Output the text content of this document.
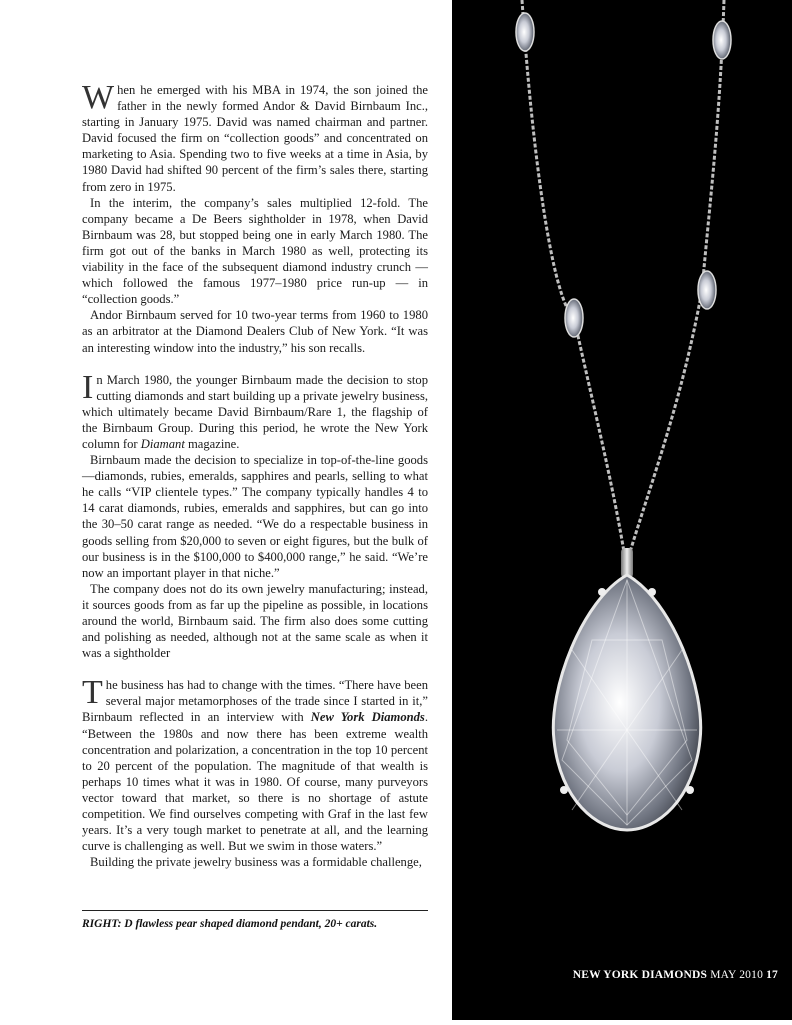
When he emerged with his MBA in 1974, the son joined the father in the newly formed Andor & David Birnbaum Inc., starting in January 1975. David was named chairman and partner. David focused the firm on “collection goods” and concentrated on marketing to Asia. Spending two to five weeks at a time in Asia, by 1980 David had shifted 90 percent of the firm’s sales there, starting from zero in 1975.

In the interim, the company’s sales multiplied 12-fold. The company became a De Beers sightholder in 1978, when David Birnbaum was 28, but stopped being one in early March 1980. The firm got out of the banks in March 1980 as well, protecting its viability in the face of the subsequent diamond industry crunch — which followed the famous 1977–1980 price run-up — in “collection goods.”

Andor Birnbaum served for 10 two-year terms from 1960 to 1980 as an arbitrator at the Diamond Dealers Club of New York. “It was an interesting window into the industry,” his son recalls.

In March 1980, the younger Birnbaum made the decision to stop cutting diamonds and start building up a private jewelry business, which ultimately became David Birnbaum/Rare 1, the flagship of the Birnbaum Group. During this period, he wrote the New York column for Diamant magazine.

Birnbaum made the decision to specialize in top-of-the-line goods—diamonds, rubies, emeralds, sapphires and pearls, selling to what he calls “VIP clientele types.” The company typically handles 4 to 14 carat diamonds, rubies, emeralds and sapphires, but can go into the 30–50 carat range as needed. “We do a respectable business in goods selling from $20,000 to seven or eight figures, but the bulk of our business is in the $100,000 to $400,000 range,” he said. “We’re now an important player in that niche.”

The company does not do its own jewelry manufacturing; instead, it sources goods from as far up the pipeline as possible, in locations around the world, Birnbaum said. The firm also does some cutting and polishing as needed, although not at the same scale as when it was a sightholder

The business has had to change with the times. “There have been several major metamorphoses of the trade since I started in it,” Birnbaum reflected in an interview with New York Diamonds. “Between the 1980s and now there has been extreme wealth concentration and polarization, a concentration in the top 10 percent to 20 percent of the population. The magnitude of that wealth is perhaps 10 times what it was in 1980. Of course, many purveyors vector toward that market, so there is no shortage of astute competition. We find ourselves competing with Graf in the last few years. It’s a very tough market to penetrate at all, and the learning curve is challenging as well. But we swim in those waters.”

Building the private jewelry business was a formidable challenge,

RIGHT: D flawless pear shaped diamond pendant, 20+ carats.
NEW YORK DIAMONDS MAY 2010 17
